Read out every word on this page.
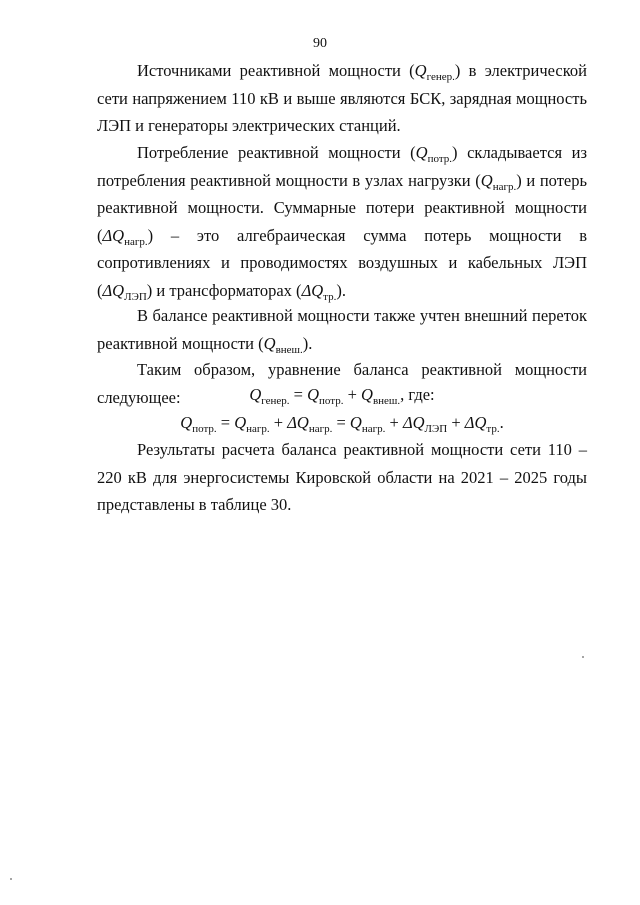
90

Источниками реактивной мощности $(Q_{генер.})$ в электрической сети напряжением 110 кВ и выше являются БСК, зарядная мощность ЛЭП и генераторы электрических станций.

Потребление реактивной мощности $(Q_{потр.})$ складывается из потребления реактивной мощности в узлах нагрузки $(Q_{нагр.})$ и потерь реактивной мощности. Суммарные потери реактивной мощности $(\Delta Q_{нагр.})$ – это алгебраическая сумма потерь мощности в сопротивлениях и проводимостях воздушных и кабельных ЛЭП $(\Delta Q_{ЛЭП})$ и трансформаторах $(\Delta Q_{тр.})$.

В балансе реактивной мощности также учтен внешний переток реактивной мощности $(Q_{внеш.})$.

Таким образом, уравнение баланса реактивной мощности следующее:	$Q_{генер.} = Q_{потр.} + Q_{внеш.}$, где:

$Q_{потр.} = Q_{нагр.} + \Delta Q_{нагр.} = Q_{нагр.} + \Delta Q_{ЛЭП} + \Delta Q_{тр.}$.

Результаты расчета баланса реактивной мощности сети 110 – 220 кВ для энергосистемы Кировской области на 2021 – 2025 годы представлены в таблице 30.
